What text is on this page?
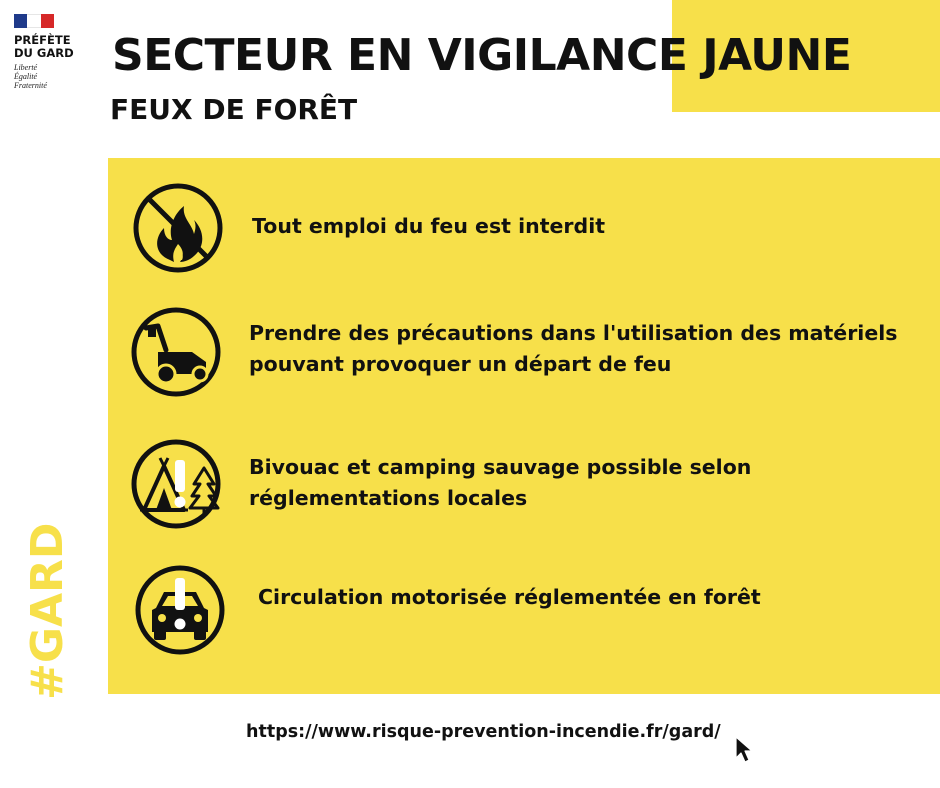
PRÉFÈTE
DU GARD
Liberté
Égalité
Fraternité
SECTEUR EN VIGILANCE JAUNE
FEUX DE FORÊT
Tout emploi du feu est interdit
Prendre des précautions dans l'utilisation des matériels
pouvant provoquer un départ de feu
Bivouac et camping sauvage possible selon
réglementations locales
Circulation motorisée réglementée en forêt
#GARD
https://www.risque-prevention-incendie.fr/gard/
